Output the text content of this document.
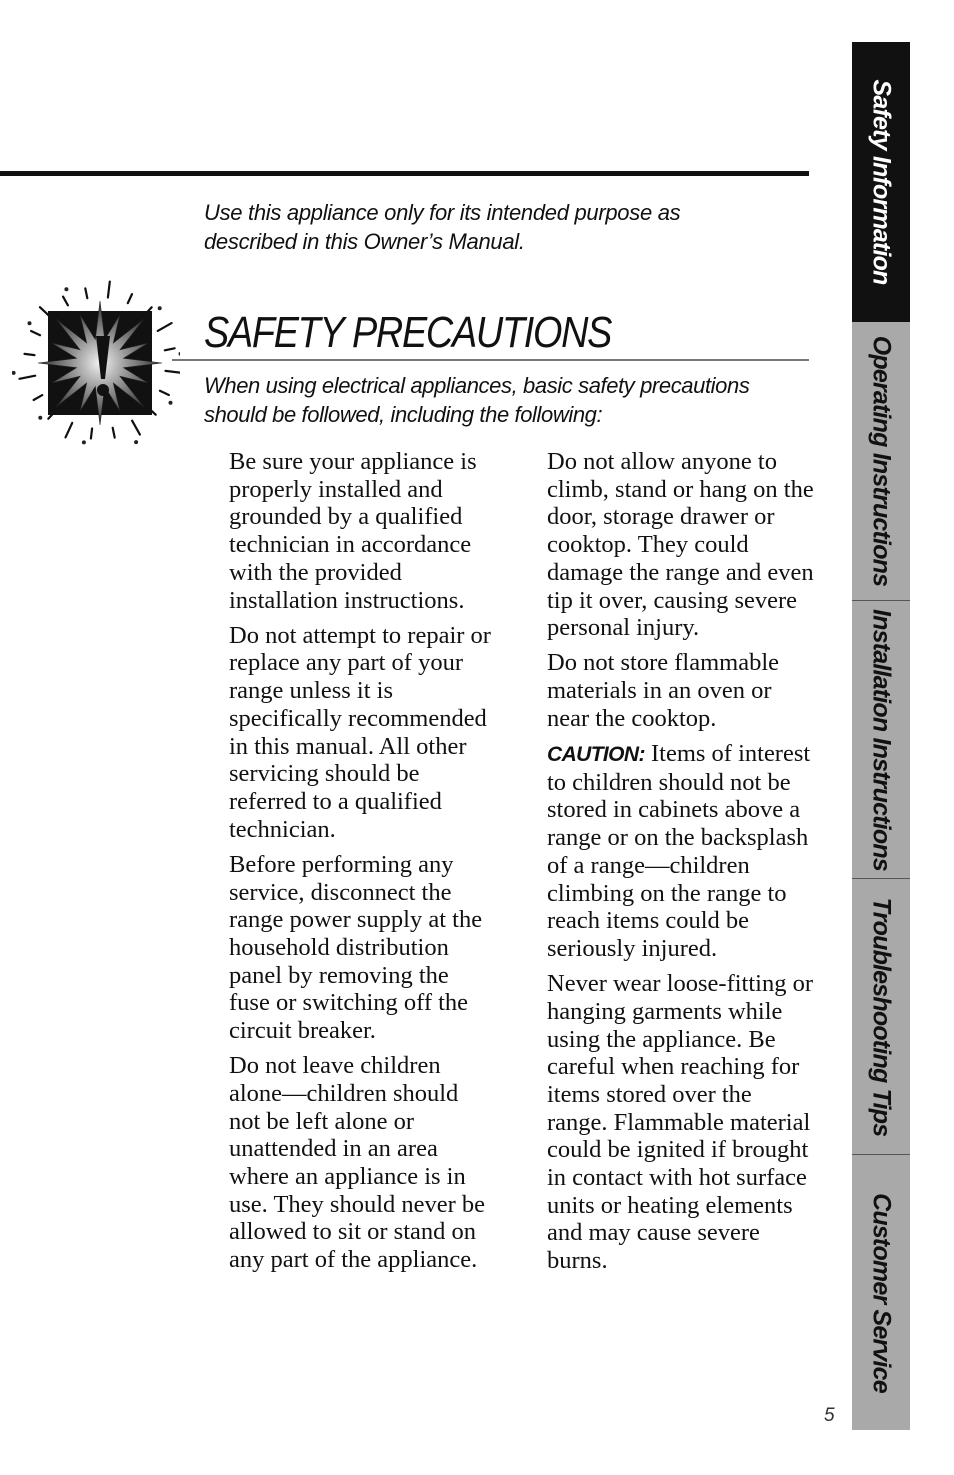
Use this appliance only for its intended purpose as described in this Owner’s Manual.
SAFETY PRECAUTIONS
When using electrical appliances, basic safety precautions should be followed, including the following:

Be sure your appliance is properly installed and grounded by a qualified technician in accordance with the provided installation instructions.

Do not attempt to repair or replace any part of your range unless it is specifically recommended in this manual. All other servicing should be referred to a qualified technician.

Before performing any service, disconnect the range power supply at the household distribution panel by removing the fuse or switching off the circuit breaker.

Do not leave children alone—children should not be left alone or unattended in an area where an appliance is in use. They should never be allowed to sit or stand on any part of the appliance.

Do not allow anyone to climb, stand or hang on the door, storage drawer or cooktop. They could damage the range and even tip it over, causing severe personal injury.

Do not store flammable materials in an oven or near the cooktop.

CAUTION: Items of interest to children should not be stored in cabinets above a range or on the backsplash of a range—children climbing on the range to reach items could be seriously injured.

Never wear loose-fitting or hanging garments while using the appliance. Be careful when reaching for items stored over the range. Flammable material could be ignited if brought in contact with hot surface units or heating elements and may cause severe burns.

Safety Information
Operating Instructions
Installation Instructions
Troubleshooting Tips
Customer Service
5
